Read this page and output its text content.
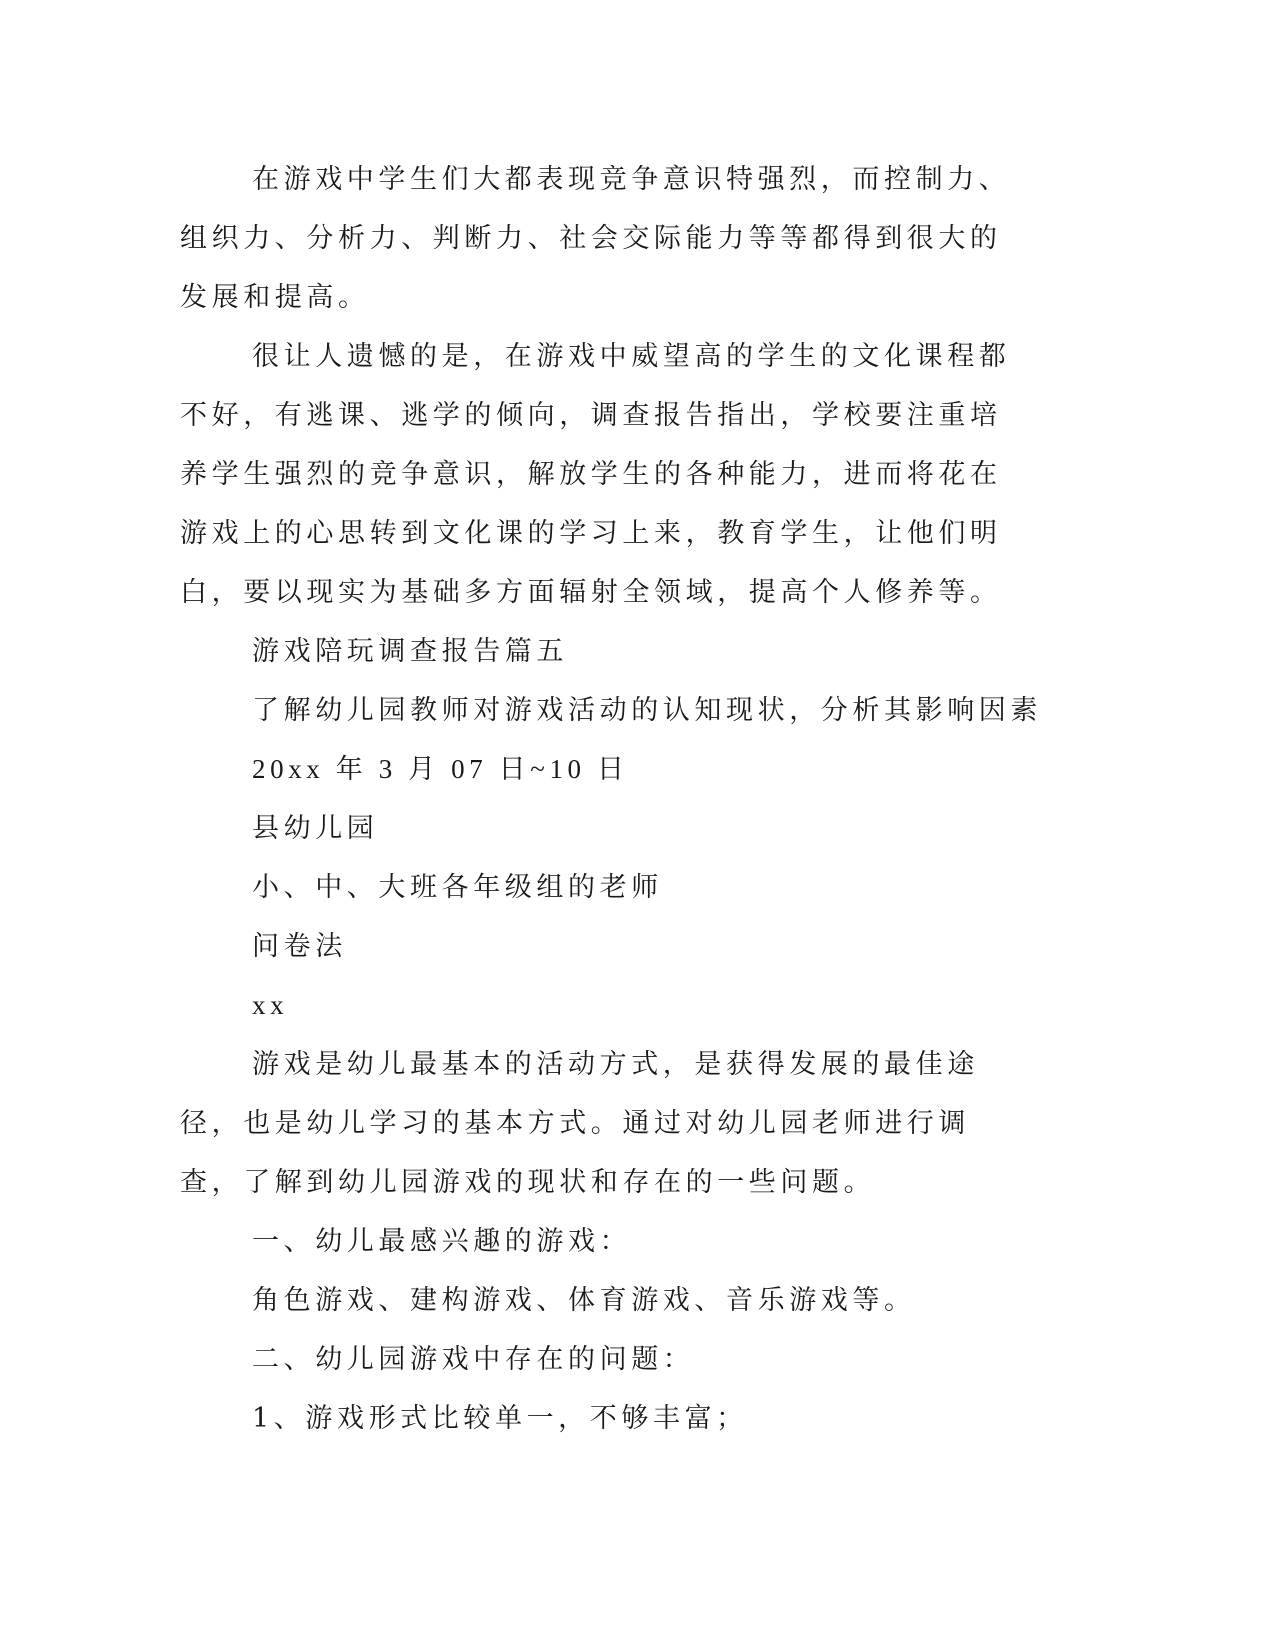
在游戏中学生们大都表现竞争意识特强烈，而控制力、组织力、分析力、判断力、社会交际能力等等都得到很大的发展和提高。

很让人遗憾的是，在游戏中威望高的学生的文化课程都不好，有逃课、逃学的倾向，调查报告指出，学校要注重培养学生强烈的竞争意识，解放学生的各种能力，进而将花在游戏上的心思转到文化课的学习上来，教育学生，让他们明白，要以现实为基础多方面辐射全领域，提高个人修养等。

游戏陪玩调查报告篇五

了解幼儿园教师对游戏活动的认知现状，分析其影响因素

20xx 年 3 月 07 日~10 日

县幼儿园

小、中、大班各年级组的老师

问卷法

xx

游戏是幼儿最基本的活动方式，是获得发展的最佳途径，也是幼儿学习的基本方式。通过对幼儿园老师进行调查，了解到幼儿园游戏的现状和存在的一些问题。

一、幼儿最感兴趣的游戏：

角色游戏、建构游戏、体育游戏、音乐游戏等。

二、幼儿园游戏中存在的问题：

1、游戏形式比较单一，不够丰富；
